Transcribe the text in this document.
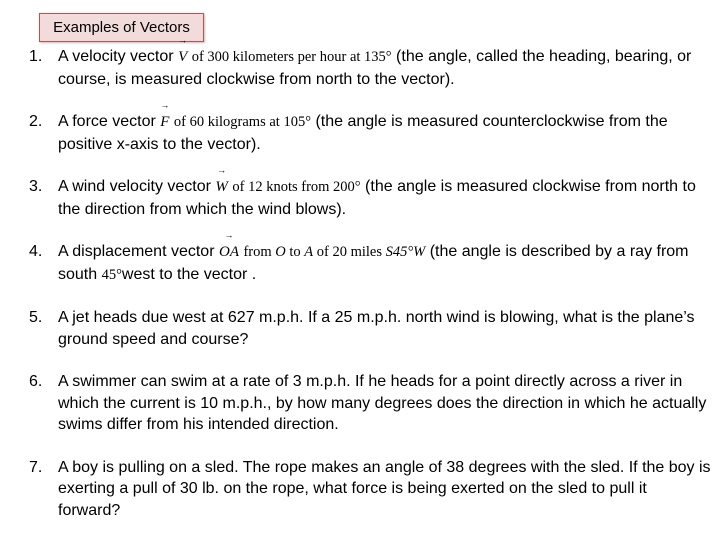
Examples of Vectors
1. A velocity vector
→
V of 300 kilometers per hour at 135° (the angle, called the heading, bearing, or course, is measured clockwise from north to the vector).
2. A force vector
→
F of 60 kilograms at 105° (the angle is measured counterclockwise from the positive x-axis to the vector).
3. A wind velocity vector
→
W of 12 knots from 200° (the angle is measured clockwise from north to the direction from which the wind blows).
4. A displacement vector
→
OA from O to A of 20 miles S45°W (the angle is described by a ray from south 45°west to the vector .
5. A jet heads due west at 627 m.p.h. If a 25 m.p.h. north wind is blowing, what is the plane’s ground speed and course?
6. A swimmer can swim at a rate of 3 m.p.h. If he heads for a point directly across a river in which the current is 10 m.p.h., by how many degrees does the direction in which he actually swims differ from his intended direction.
7. A boy is pulling on a sled. The rope makes an angle of 38 degrees with the sled. If the boy is exerting a pull of 30 lb. on the rope, what force is being exerted on the sled to pull it forward?
